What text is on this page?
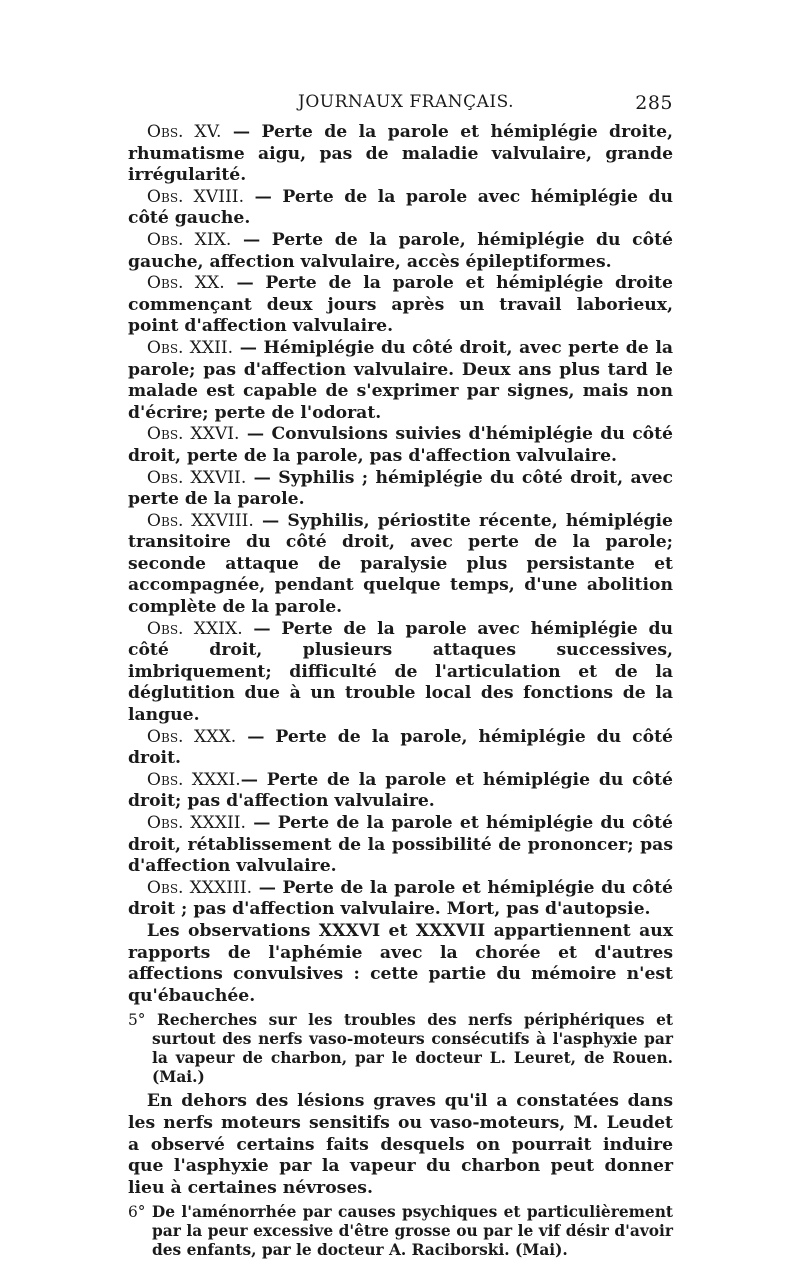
JOURNAUX FRANÇAIS.	285

Obs. XV. — Perte de la parole et hémiplégie droite, rhumatisme aigu, pas de maladie valvulaire, grande irrégularité.

Obs. XVIII. — Perte de la parole avec hémiplégie du côté gauche.

Obs. XIX. — Perte de la parole, hémiplégie du côté gauche, affection valvulaire, accès épileptiformes.

Obs. XX. — Perte de la parole et hémiplégie droite commençant deux jours après un travail laborieux, point d'affection valvulaire.

Obs. XXII. — Hémiplégie du côté droit, avec perte de la parole; pas d'affection valvulaire. Deux ans plus tard le malade est capable de s'exprimer par signes, mais non d'écrire; perte de l'odorat.

Obs. XXVI. — Convulsions suivies d'hémiplégie du côté droit, perte de la parole, pas d'affection valvulaire.

Obs. XXVII. — Syphilis ; hémiplégie du côté droit, avec perte de la parole.

Obs. XXVIII. — Syphilis, périostite récente, hémiplégie transitoire du côté droit, avec perte de la parole; seconde attaque de paralysie plus persistante et accompagnée, pendant quelque temps, d'une abolition complète de la parole.

Obs. XXIX. — Perte de la parole avec hémiplégie du côté droit, plusieurs attaques successives, imbriquement; difficulté de l'articulation et de la déglutition due à un trouble local des fonctions de la langue.

Obs. XXX. — Perte de la parole, hémiplégie du côté droit.

Obs. XXXI.— Perte de la parole et hémiplégie du côté droit; pas d'affection valvulaire.

Obs. XXXII. — Perte de la parole et hémiplégie du côté droit, rétablissement de la possibilité de prononcer; pas d'affection valvulaire.

Obs. XXXIII. — Perte de la parole et hémiplégie du côté droit ; pas d'affection valvulaire. Mort, pas d'autopsie.

Les observations XXXVI et XXXVII appartiennent aux rapports de l'aphémie avec la chorée et d'autres affections convulsives : cette partie du mémoire n'est qu'ébauchée.

5° Recherches sur les troubles des nerfs périphériques et surtout des nerfs vaso-moteurs consécutifs à l'asphyxie par la vapeur de charbon, par le docteur L. Leuret, de Rouen. (Mai.)

En dehors des lésions graves qu'il a constatées dans les nerfs moteurs sensitifs ou vaso-moteurs, M. Leudet a observé certains faits desquels on pourrait induire que l'asphyxie par la vapeur du charbon peut donner lieu à certaines névroses.

6° De l'aménorrhée par causes psychiques et particulièrement par la peur excessive d'être grosse ou par le vif désir d'avoir des enfants, par le docteur A. Raciborski. (Mai).
